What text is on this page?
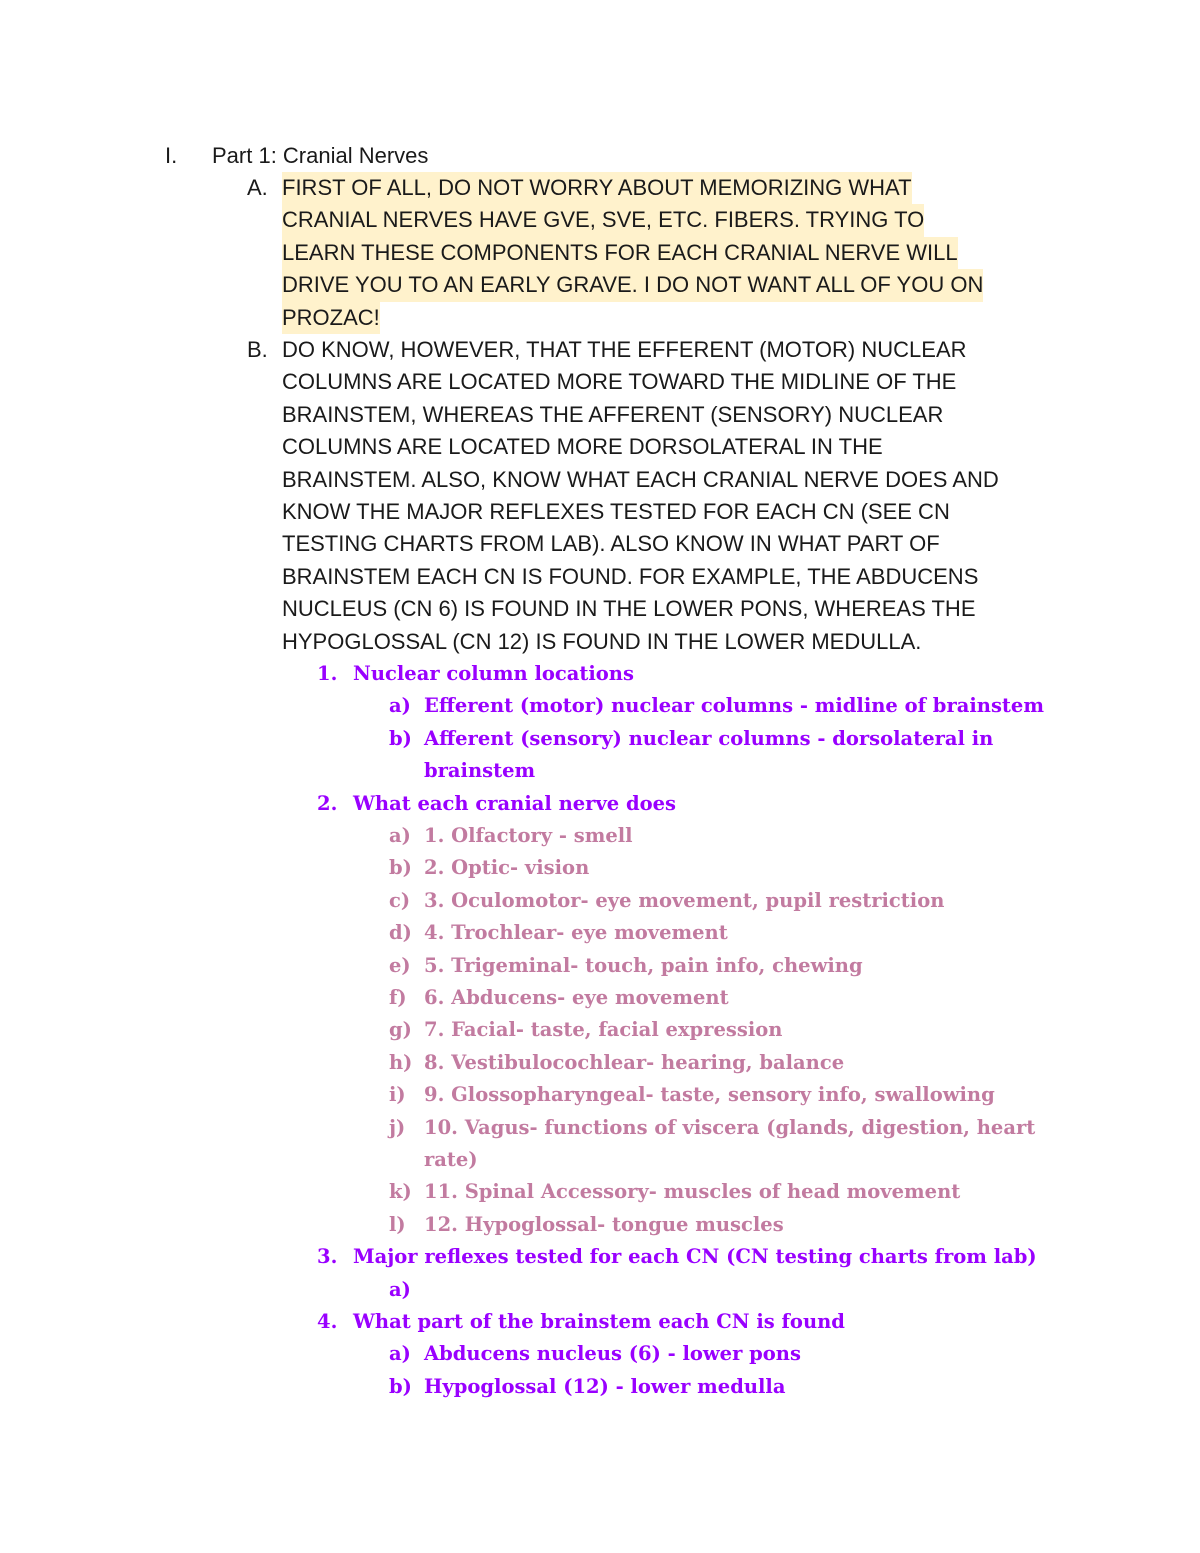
I. Part 1: Cranial Nerves
A. FIRST OF ALL, DO NOT WORRY ABOUT MEMORIZING WHAT
CRANIAL NERVES HAVE GVE, SVE, ETC. FIBERS. TRYING TO
LEARN THESE COMPONENTS FOR EACH CRANIAL NERVE WILL
DRIVE YOU TO AN EARLY GRAVE. I DO NOT WANT ALL OF YOU ON
PROZAC!
B. DO KNOW, HOWEVER, THAT THE EFFERENT (MOTOR) NUCLEAR
COLUMNS ARE LOCATED MORE TOWARD THE MIDLINE OF THE
BRAINSTEM, WHEREAS THE AFFERENT (SENSORY) NUCLEAR
COLUMNS ARE LOCATED MORE DORSOLATERAL IN THE
BRAINSTEM. ALSO, KNOW WHAT EACH CRANIAL NERVE DOES AND
KNOW THE MAJOR REFLEXES TESTED FOR EACH CN (SEE CN
TESTING CHARTS FROM LAB). ALSO KNOW IN WHAT PART OF
BRAINSTEM EACH CN IS FOUND. FOR EXAMPLE, THE ABDUCENS
NUCLEUS (CN 6) IS FOUND IN THE LOWER PONS, WHEREAS THE
HYPOGLOSSAL (CN 12) IS FOUND IN THE LOWER MEDULLA.
1. Nuclear column locations
a) Efferent (motor) nuclear columns - midline of brainstem
b) Afferent (sensory) nuclear columns - dorsolateral in
brainstem
2. What each cranial nerve does
a) 1. Olfactory - smell
b) 2. Optic- vision
c) 3. Oculomotor- eye movement, pupil restriction
d) 4. Trochlear- eye movement
e) 5. Trigeminal- touch, pain info, chewing
f) 6. Abducens- eye movement
g) 7. Facial- taste, facial expression
h) 8. Vestibulocochlear- hearing, balance
i) 9. Glossopharyngeal- taste, sensory info, swallowing
j) 10. Vagus- functions of viscera (glands, digestion, heart
rate)
k) 11. Spinal Accessory- muscles of head movement
l) 12. Hypoglossal- tongue muscles
3. Major reflexes tested for each CN (CN testing charts from lab)
a)
4. What part of the brainstem each CN is found
a) Abducens nucleus (6) - lower pons
b) Hypoglossal (12) - lower medulla
